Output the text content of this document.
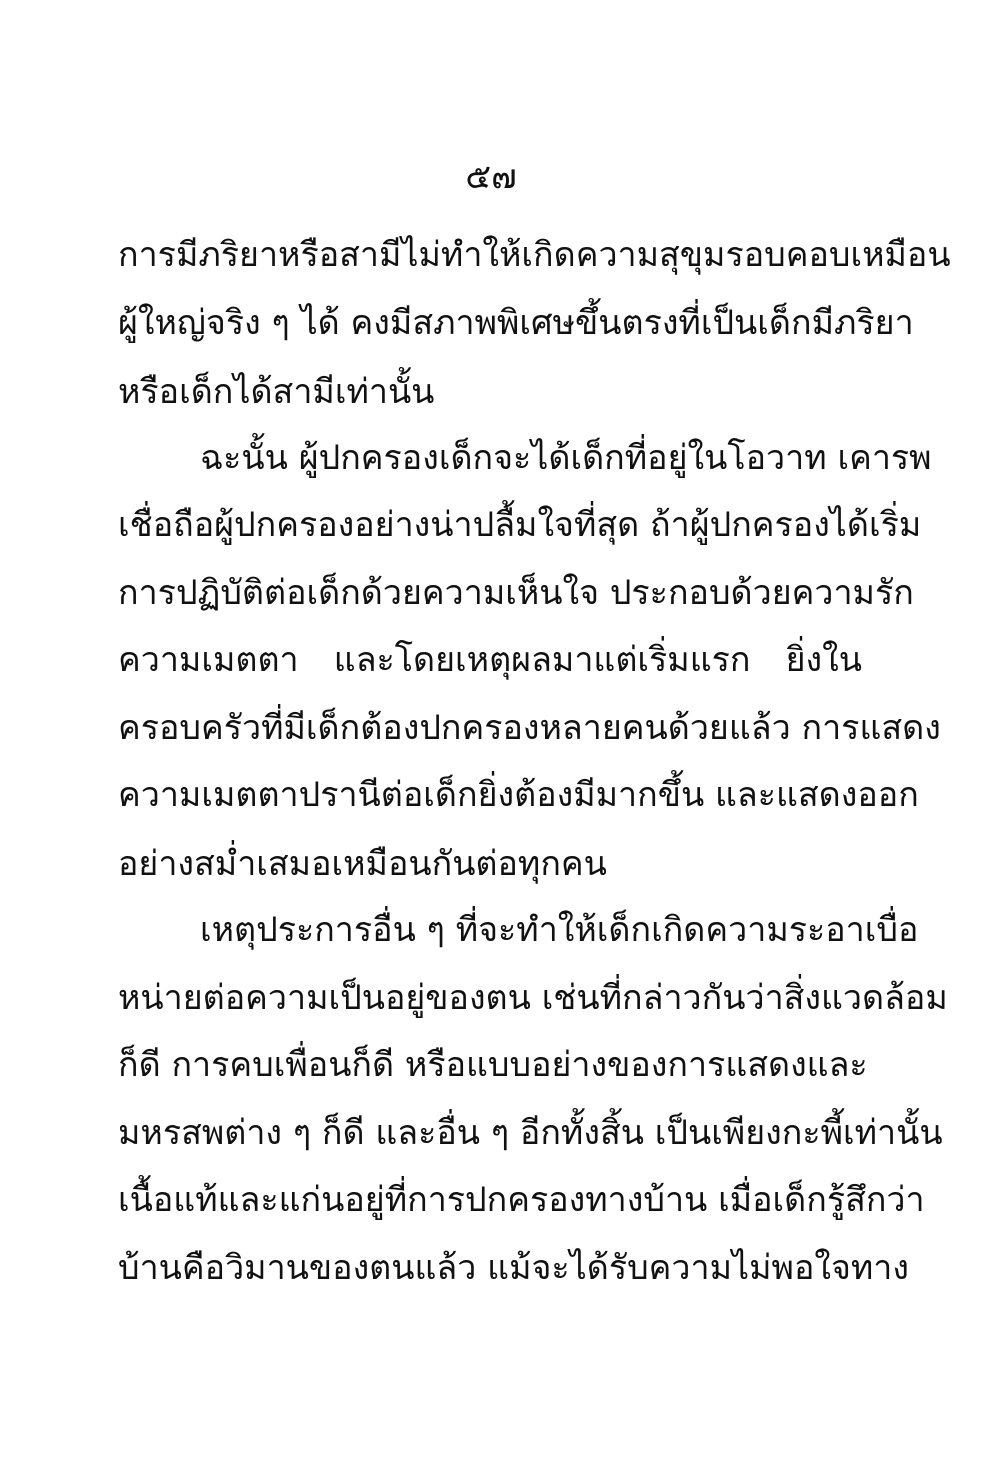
๕๗
การมีภริยาหรือสามีไม่ทำให้เกิดความสุขุมรอบคอบเหมือน
ผู้ใหญ่จริง ๆ ได้ คงมีสภาพพิเศษขึ้นตรงที่เป็นเด็กมีภริยา
หรือเด็กได้สามีเท่านั้น
ฉะนั้น ผู้ปกครองเด็กจะได้เด็กที่อยู่ในโอวาท เคารพ
เชื่อถือผู้ปกครองอย่างน่าปลื้มใจที่สุด ถ้าผู้ปกครองได้เริ่ม
การปฏิบัติต่อเด็กด้วยความเห็นใจ ประกอบด้วยความรัก
ความเมตตา และโดยเหตุผลมาแต่เริ่มแรก ยิ่งใน
ครอบครัวที่มีเด็กต้องปกครองหลายคนด้วยแล้ว การแสดง
ความเมตตาปรานีต่อเด็กยิ่งต้องมีมากขึ้น และแสดงออก
อย่างสม่ำเสมอเหมือนกันต่อทุกคน
เหตุประการอื่น ๆ ที่จะทำให้เด็กเกิดความระอาเบื่อ
หน่ายต่อความเป็นอยู่ของตน เช่นที่กล่าวกันว่าสิ่งแวดล้อม
ก็ดี การคบเพื่อนก็ดี หรือแบบอย่างของการแสดงและ
มหรสพต่าง ๆ ก็ดี และอื่น ๆ อีกทั้งสิ้น เป็นเพียงกะพี้เท่านั้น
เนื้อแท้และแก่นอยู่ที่การปกครองทางบ้าน เมื่อเด็กรู้สึกว่า
บ้านคือวิมานของตนแล้ว แม้จะได้รับความไม่พอใจทาง
